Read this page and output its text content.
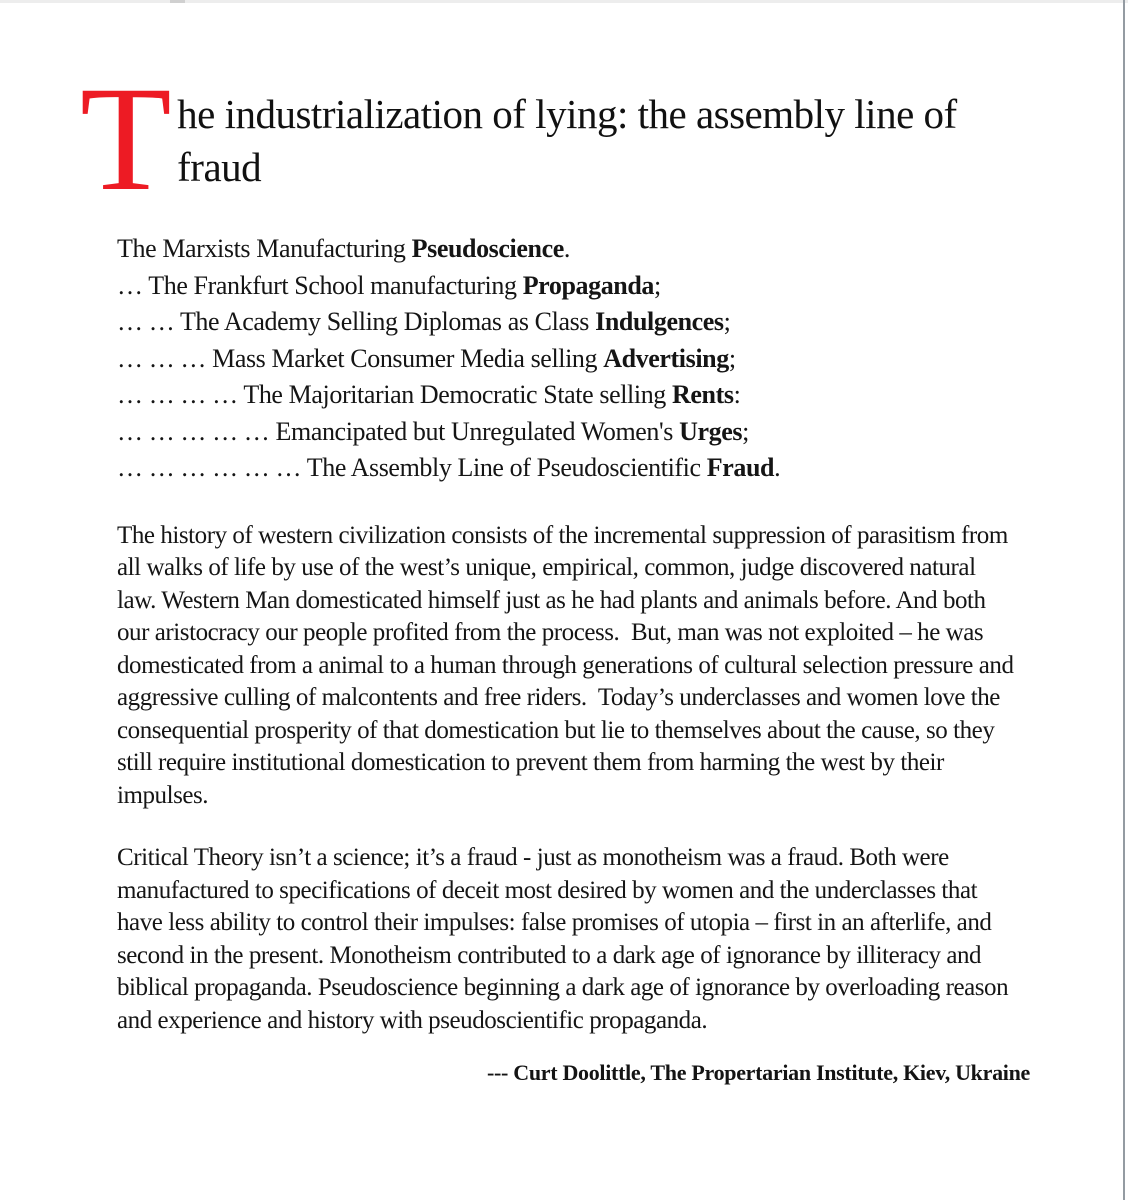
The industrialization of lying: the assembly line of fraud
The Marxists Manufacturing Pseudoscience.
… The Frankfurt School manufacturing Propaganda;
… … The Academy Selling Diplomas as Class Indulgences;
… … … Mass Market Consumer Media selling Advertising;
… … … … The Majoritarian Democratic State selling Rents:
… … … … … Emancipated but Unregulated Women's Urges;
… … … … … … The Assembly Line of Pseudoscientific Fraud.

The history of western civilization consists of the incremental suppression of parasitism from all walks of life by use of the west’s unique, empirical, common, judge discovered natural law. Western Man domesticated himself just as he had plants and animals before. And both our aristocracy our people profited from the process.  But, man was not exploited – he was domesticated from a animal to a human through generations of cultural selection pressure and aggressive culling of malcontents and free riders.  Today’s underclasses and women love the consequential prosperity of that domestication but lie to themselves about the cause, so they still require institutional domestication to prevent them from harming the west by their impulses.

Critical Theory isn’t a science; it’s a fraud - just as monotheism was a fraud. Both were manufactured to specifications of deceit most desired by women and the underclasses that have less ability to control their impulses: false promises of utopia – first in an afterlife, and second in the present. Monotheism contributed to a dark age of ignorance by illiteracy and biblical propaganda. Pseudoscience beginning a dark age of ignorance by overloading reason and experience and history with pseudoscientific propaganda.

--- Curt Doolittle, The Propertarian Institute, Kiev, Ukraine
